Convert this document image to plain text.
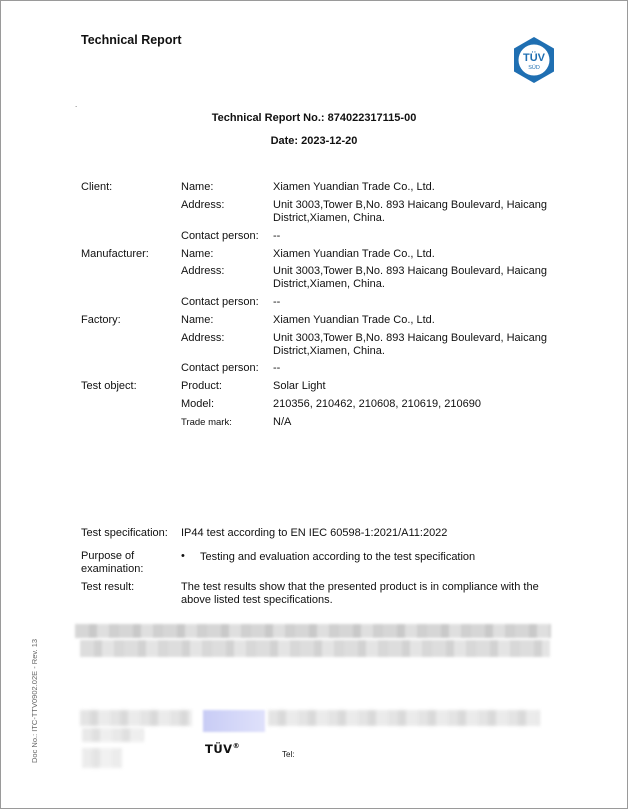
Technical Report
TÜV
SÜD
.
Technical Report No.: 874022317115-00
Date: 2023-12-20
Client:	Name:	Xiamen Yuandian Trade Co., Ltd.
Address:	Unit 3003,Tower B,No. 893 Haicang Boulevard, Haicang District,Xiamen, China.
Contact person: --
Manufacturer:	Name:	Xiamen Yuandian Trade Co., Ltd.
Address:	Unit 3003,Tower B,No. 893 Haicang Boulevard, Haicang District,Xiamen, China.
Contact person: --
Factory:	Name:	Xiamen Yuandian Trade Co., Ltd.
Address:	Unit 3003,Tower B,No. 893 Haicang Boulevard, Haicang District,Xiamen, China.
Contact person: --
Test object:	Product:	Solar Light
Model:	210356, 210462, 210608, 210619, 210690
Trade mark:	N/A
Test specification: IP44 test according to EN IEC 60598-1:2021/A11:2022
Purpose of examination:
• Testing and evaluation according to the test specification
Test result:	The test results show that the presented product is in compliance with the above listed test specifications.
TÜV®
Tel:
Doc No.: ITC-TTV0902.02E - Rev. 13
